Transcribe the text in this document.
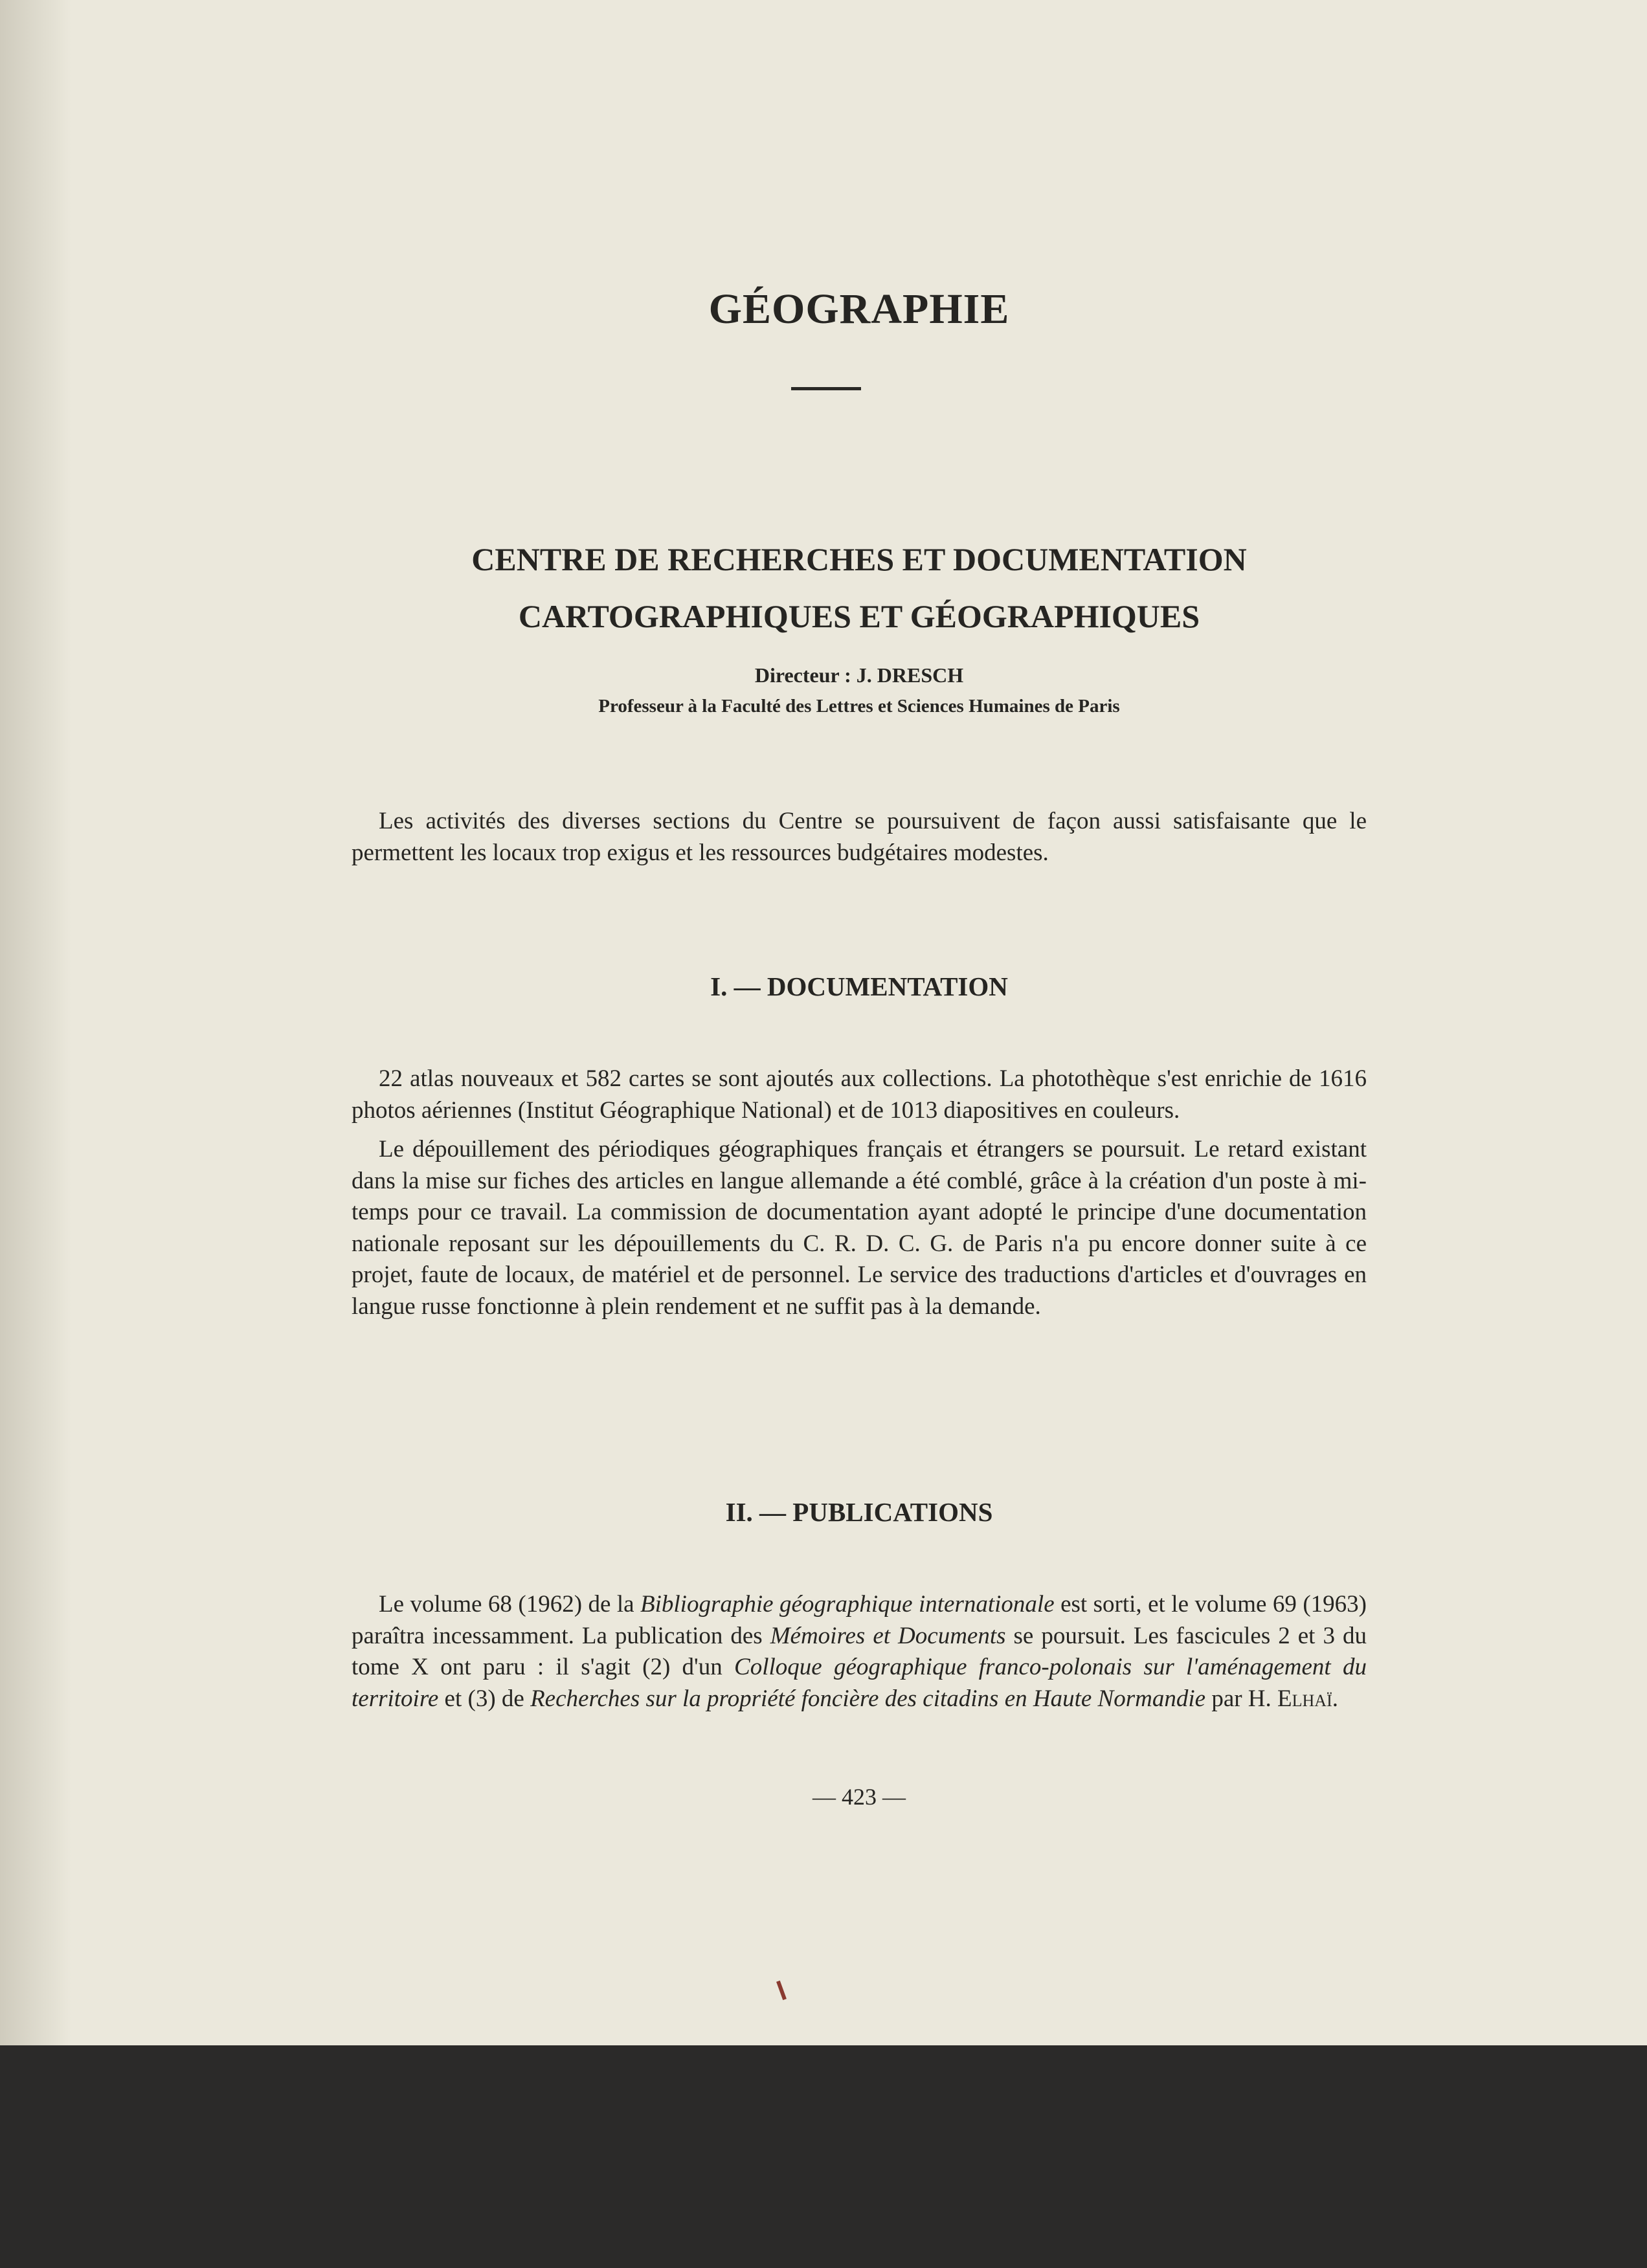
GÉOGRAPHIE
CENTRE DE RECHERCHES ET DOCUMENTATION
CARTOGRAPHIQUES ET GÉOGRAPHIQUES
Directeur : J. DRESCH
Professeur à la Faculté des Lettres et Sciences Humaines de Paris

Les activités des diverses sections du Centre se poursuivent de façon aussi satisfaisante que le permettent les locaux trop exigus et les ressources budgétaires modestes.

I. — DOCUMENTATION

22 atlas nouveaux et 582 cartes se sont ajoutés aux collections. La photothèque s'est enrichie de 1616 photos aériennes (Institut Géographique National) et de 1013 diapositives en couleurs.

Le dépouillement des périodiques géographiques français et étrangers se poursuit. Le retard existant dans la mise sur fiches des articles en langue allemande a été comblé, grâce à la création d'un poste à mi-temps pour ce travail. La commission de documentation ayant adopté le principe d'une documentation nationale reposant sur les dépouillements du C. R. D. C. G. de Paris n'a pu encore donner suite à ce projet, faute de locaux, de matériel et de personnel. Le service des traductions d'articles et d'ouvrages en langue russe fonctionne à plein rendement et ne suffit pas à la demande.

II. — PUBLICATIONS

Le volume 68 (1962) de la Bibliographie géographique internationale est sorti, et le volume 69 (1963) paraîtra incessamment. La publication des Mémoires et Documents se poursuit. Les fascicules 2 et 3 du tome X ont paru : il s'agit (2) d'un Colloque géographique franco-polonais sur l'aménagement du territoire et (3) de Recherches sur la propriété foncière des citadins en Haute Normandie par H. Elhaï.

— 423 —
